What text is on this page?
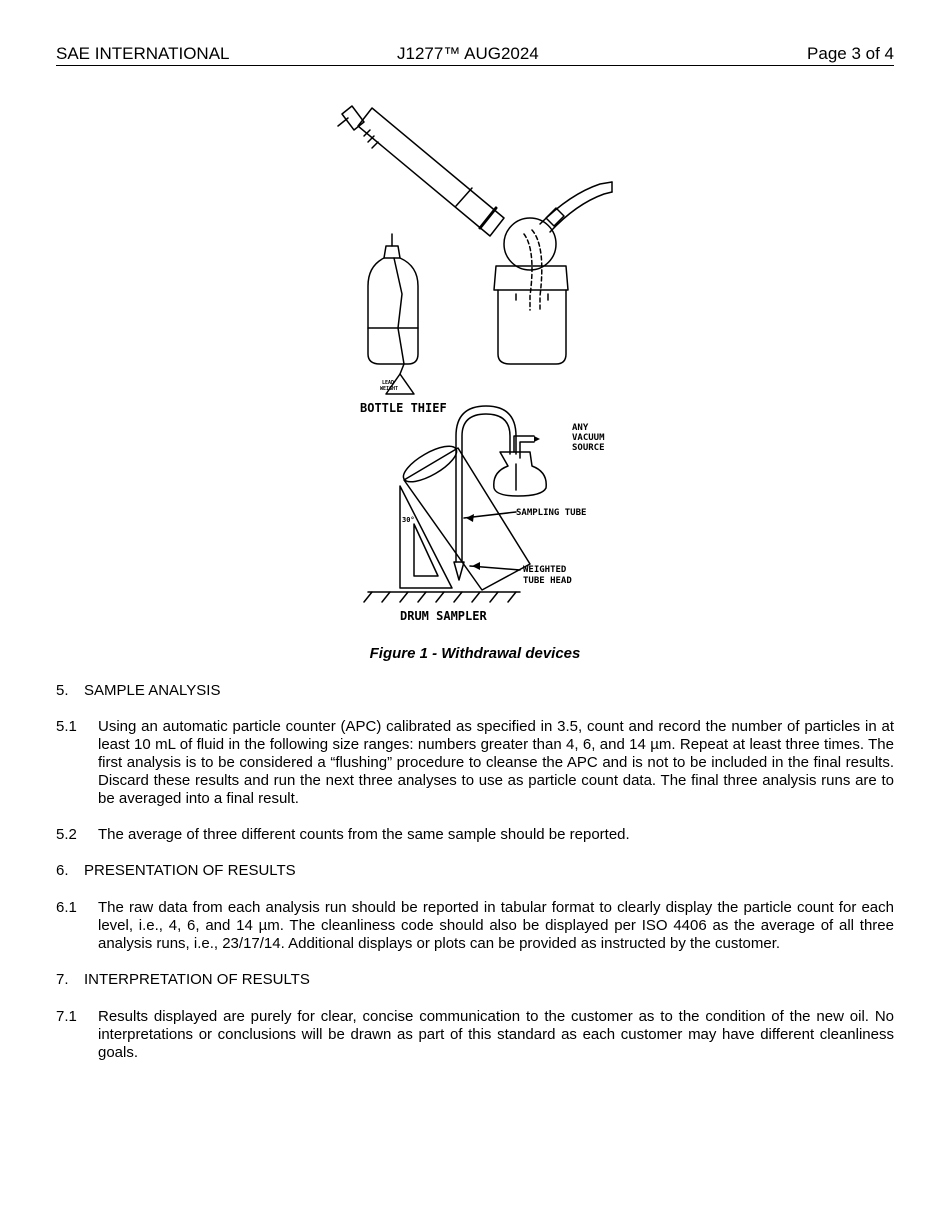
SAE INTERNATIONAL	J1277™ AUG2024	Page 3 of 4
LEAD
WEIGHT
BOTTLE THIEF
ANY
VACUUM
SOURCE
SAMPLING TUBE
30°
WEIGHTED
TUBE HEAD
DRUM SAMPLER
Figure 1 - Withdrawal devices
5. SAMPLE ANALYSIS
5.1 Using an automatic particle counter (APC) calibrated as specified in 3.5, count and record the number of particles in at least 10 mL of fluid in the following size ranges: numbers greater than 4, 6, and 14 µm. Repeat at least three times. The first analysis is to be considered a “flushing” procedure to cleanse the APC and is not to be included in the final results. Discard these results and run the next three analyses to use as particle count data. The final three analysis runs are to be averaged into a final result.
5.2 The average of three different counts from the same sample should be reported.
6. PRESENTATION OF RESULTS
6.1 The raw data from each analysis run should be reported in tabular format to clearly display the particle count for each level, i.e., 4, 6, and 14 µm. The cleanliness code should also be displayed per ISO 4406 as the average of all three analysis runs, i.e., 23/17/14. Additional displays or plots can be provided as instructed by the customer.
7. INTERPRETATION OF RESULTS
7.1 Results displayed are purely for clear, concise communication to the customer as to the condition of the new oil. No interpretations or conclusions will be drawn as part of this standard as each customer may have different cleanliness goals.
